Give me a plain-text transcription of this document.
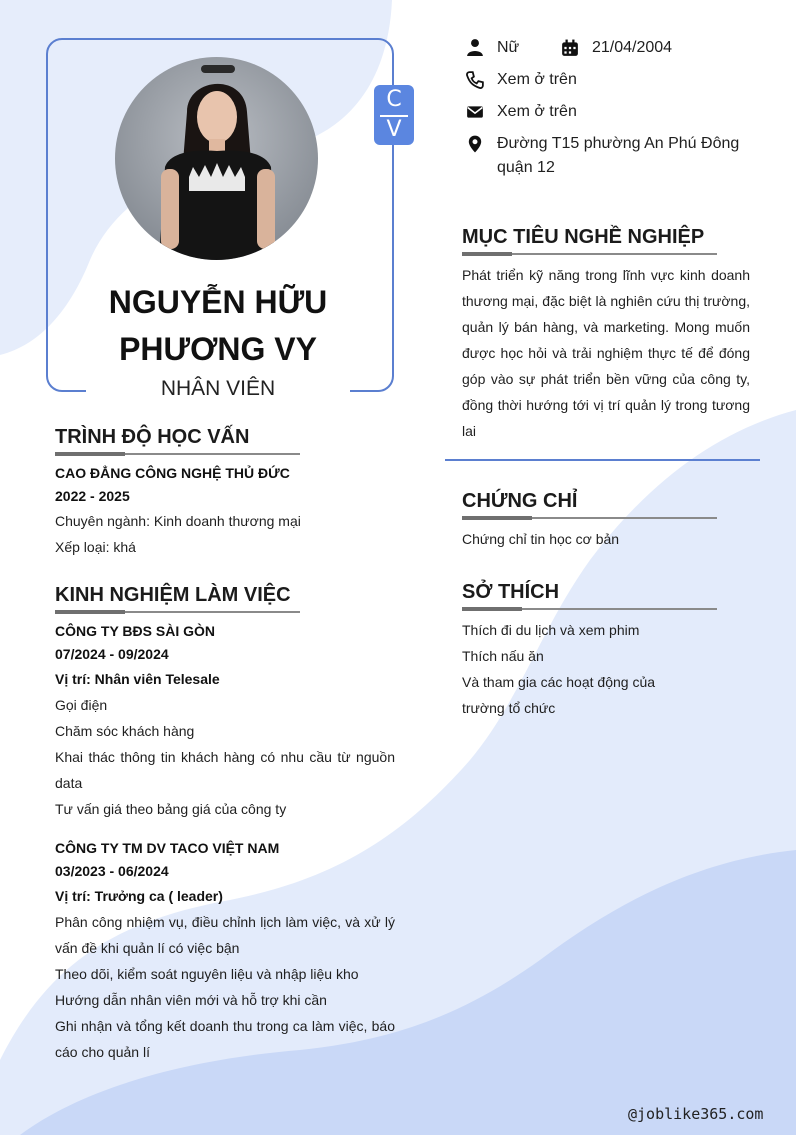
C
V
NGUYỄN HỮU
PHƯƠNG VY
NHÂN VIÊN
Nữ	21/04/2004
Xem ở trên
Xem ở trên
Đường T15 phường An Phú Đông
quận 12
MỤC TIÊU NGHỀ NGHIỆP
Phát triển kỹ năng trong lĩnh vực kinh doanh thương mại, đặc biệt là nghiên cứu thị trường, quản lý bán hàng, và marketing. Mong muốn được học hỏi và trải nghiệm thực tế để đóng góp vào sự phát triển bền vững của công ty, đồng thời hướng tới vị trí quản lý trong tương lai
CHỨNG CHỈ
Chứng chỉ tin học cơ bản
SỞ THÍCH
Thích đi du lịch và xem phim
Thích nấu ăn
Và tham gia các hoạt động của
trường tổ chức
TRÌNH ĐỘ HỌC VẤN
CAO ĐẲNG CÔNG NGHỆ THỦ ĐỨC
2022 - 2025
Chuyên ngành: Kinh doanh thương mại
Xếp loại: khá
KINH NGHIỆM LÀM VIỆC
CÔNG TY BĐS SÀI GÒN
07/2024 - 09/2024
Vị trí: Nhân viên Telesale
Gọi điện
Chăm sóc khách hàng
Khai thác thông tin khách hàng có nhu cầu từ nguồn data
Tư vấn giá theo bảng giá của công ty
CÔNG TY TM DV TACO VIỆT NAM
03/2023 - 06/2024
Vị trí: Trưởng ca ( leader)
Phân công nhiệm vụ, điều chỉnh lịch làm việc, và xử lý vấn đề khi quản lí có việc bận
Theo dõi, kiểm soát nguyên liệu và nhập liệu kho
Hướng dẫn nhân viên mới và hỗ trợ khi cần
Ghi nhận và tổng kết doanh thu trong ca làm việc, báo cáo cho quản lí
@joblike365.com
